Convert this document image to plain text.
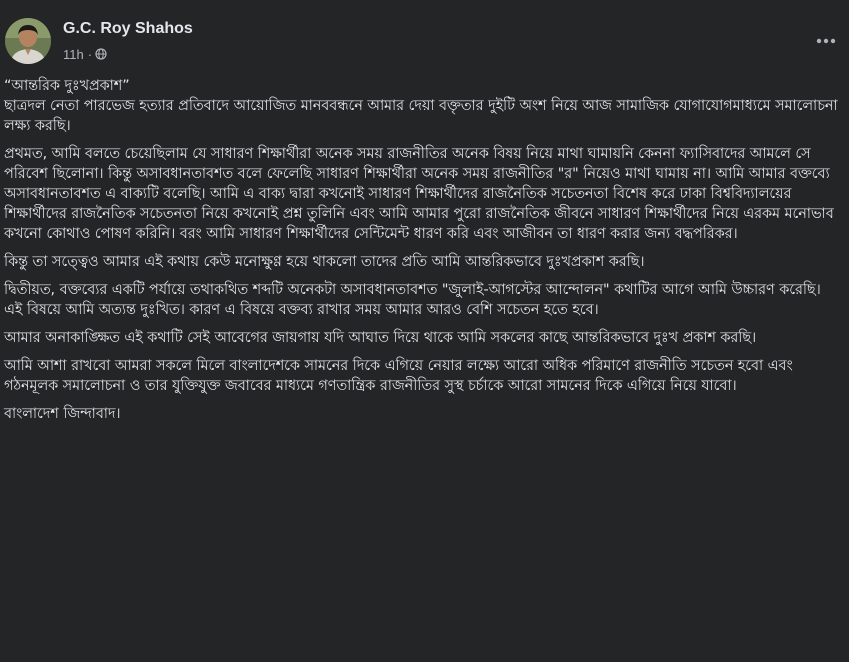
G.C. Roy Shahos
11h ·

“আন্তরিক দুঃখপ্রকাশ”
ছাত্রদল নেতা পারভেজ হত্যার প্রতিবাদে আয়োজিত মানববন্ধনে আমার দেয়া বক্তৃতার দুইটি অংশ নিয়ে আজ সামাজিক যোগাযোগমাধ্যমে সমালোচনা লক্ষ্য করছি।

প্রথমত, আমি বলতে চেয়েছিলাম যে সাধারণ শিক্ষার্থীরা অনেক সময় রাজনীতির অনেক বিষয় নিয়ে মাথা ঘামায়নি কেননা ফ্যাসিবাদের আমলে সে পরিবেশ ছিলোনা। কিন্তু অসাবধানতাবশত বলে ফেলেছি সাধারণ শিক্ষার্থীরা অনেক সময় রাজনীতির "র" নিয়েও মাথা ঘামায় না। আমি আমার বক্তব্যে অসাবধানতাবশত এ বাক্যটি বলেছি। আমি এ বাক্য দ্বারা কখনোই সাধারণ শিক্ষার্থীদের রাজনৈতিক সচেতনতা বিশেষ করে ঢাকা বিশ্ববিদ্যালয়ের শিক্ষার্থীদের রাজনৈতিক সচেতনতা নিয়ে কখনোই প্রশ্ন তুলিনি এবং আমি আমার পুরো রাজনৈতিক জীবনে সাধারণ শিক্ষার্থীদের নিয়ে এরকম মনোভাব কখনো কোথাও পোষণ করিনি। বরং আমি সাধারণ শিক্ষার্থীদের সেন্টিমেন্ট ধারণ করি এবং আজীবন তা ধারণ করার জন্য বদ্ধপরিকর।

কিন্তু তা সত্ত্বেও আমার এই কথায় কেউ মনোক্ষুণ্ণ হয়ে থাকলো তাদের প্রতি আমি আন্তরিকভাবে দুঃখপ্রকাশ করছি।

দ্বিতীয়ত, বক্তব্যের একটি পর্যায়ে তথাকথিত শব্দটি অনেকটা অসাবধানতাবশত "জুলাই-আগস্টের আন্দোলন" কথাটির আগে আমি উচ্চারণ করেছি।
এই বিষয়ে আমি অত্যন্ত দুঃখিত। কারণ এ বিষয়ে বক্তব্য রাখার সময় আমার আরও বেশি সচেতন হতে হবে।

আমার অনাকাঙ্ক্ষিত এই কথাটি সেই আবেগের জায়গায় যদি আঘাত দিয়ে থাকে আমি সকলের কাছে আন্তরিকভাবে দুঃখ প্রকাশ করছি।

আমি আশা রাখবো আমরা সকলে মিলে বাংলাদেশকে সামনের দিকে এগিয়ে নেয়ার লক্ষ্যে আরো অধিক পরিমাণে রাজনীতি সচেতন হবো এবং গঠনমূলক সমালোচনা ও তার যুক্তিযুক্ত জবাবের মাধ্যমে গণতান্ত্রিক রাজনীতির সুস্থ চর্চাকে আরো সামনের দিকে এগিয়ে নিয়ে যাবো।

বাংলাদেশ জিন্দাবাদ।
